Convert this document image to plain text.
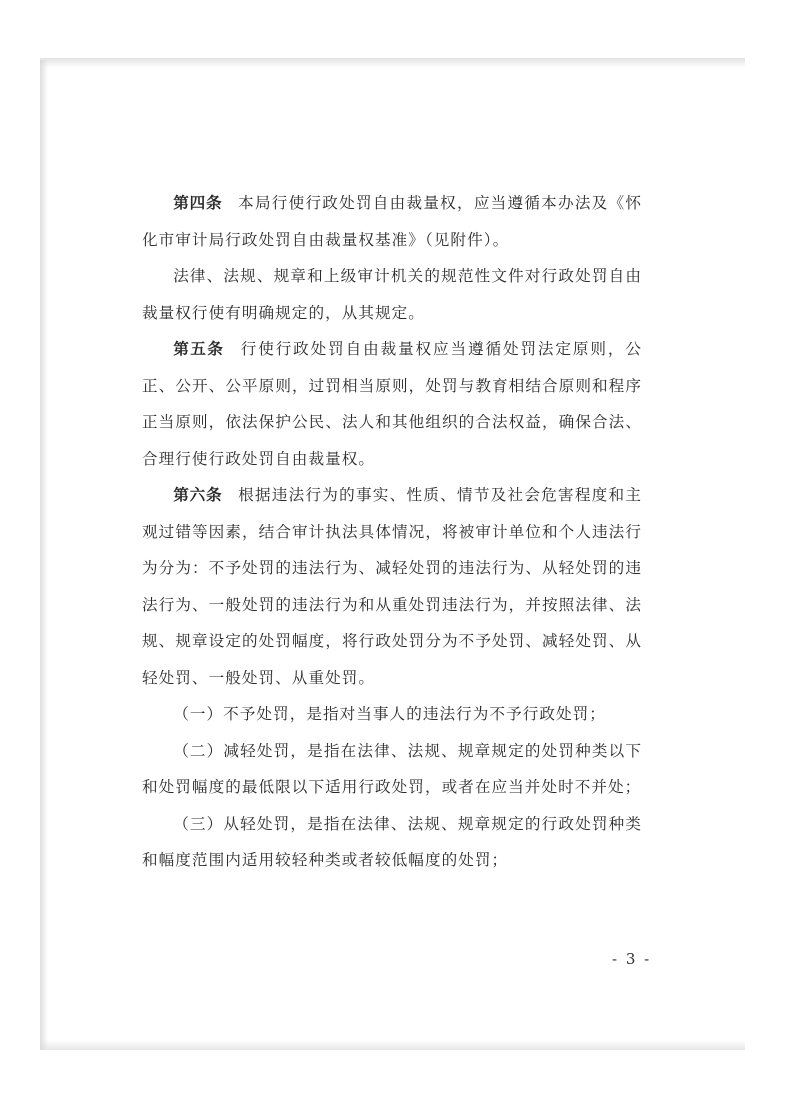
第四条 本局行使行政处罚自由裁量权，应当遵循本办法及《怀化市审计局行政处罚自由裁量权基准》（见附件）。

法律、法规、规章和上级审计机关的规范性文件对行政处罚自由裁量权行使有明确规定的，从其规定。

第五条 行使行政处罚自由裁量权应当遵循处罚法定原则，公正、公开、公平原则，过罚相当原则，处罚与教育相结合原则和程序正当原则，依法保护公民、法人和其他组织的合法权益，确保合法、合理行使行政处罚自由裁量权。

第六条 根据违法行为的事实、性质、情节及社会危害程度和主观过错等因素，结合审计执法具体情况，将被审计单位和个人违法行为分为：不予处罚的违法行为、减轻处罚的违法行为、从轻处罚的违法行为、一般处罚的违法行为和从重处罚违法行为，并按照法律、法规、规章设定的处罚幅度，将行政处罚分为不予处罚、减轻处罚、从轻处罚、一般处罚、从重处罚。

（一）不予处罚，是指对当事人的违法行为不予行政处罚；

（二）减轻处罚，是指在法律、法规、规章规定的处罚种类以下和处罚幅度的最低限以下适用行政处罚，或者在应当并处时不并处；

（三）从轻处罚，是指在法律、法规、规章规定的行政处罚种类和幅度范围内适用较轻种类或者较低幅度的处罚；

- 3 -
